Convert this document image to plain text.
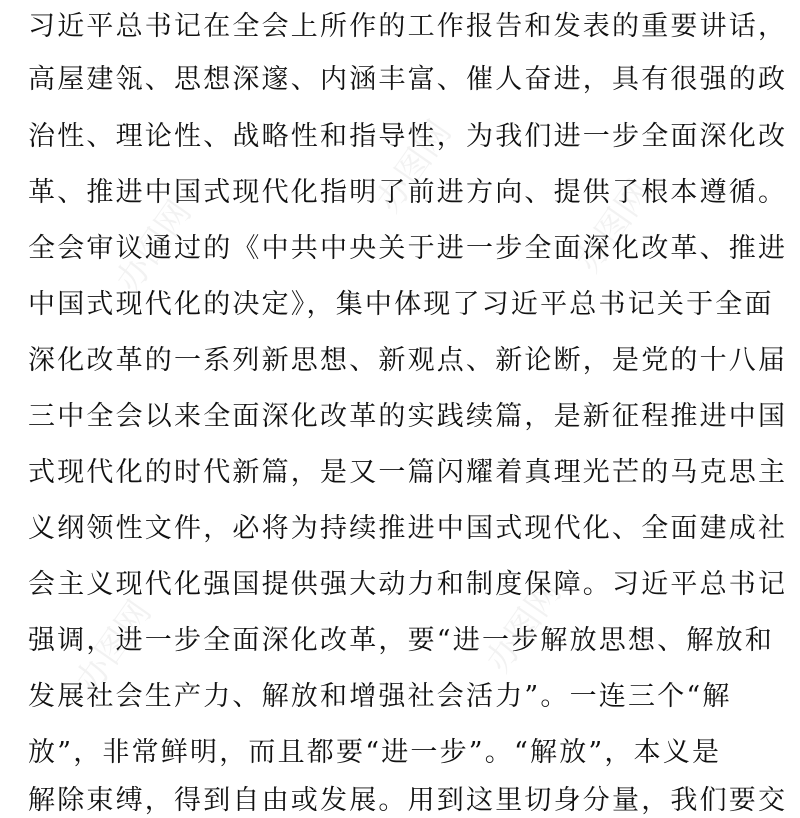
办图网
办图网
办图网
办图网	办图网
习近平总书记在全会上所作的工作报告和发表的重要讲话，
高屋建瓴、思想深邃、内涵丰富、催人奋进，具有很强的政
治性、理论性、战略性和指导性，为我们进一步全面深化改
革、推进中国式现代化指明了前进方向、提供了根本遵循。
全会审议通过的《中共中央关于进一步全面深化改革、推进
中国式现代化的决定》，集中体现了习近平总书记关于全面
深化改革的一系列新思想、新观点、新论断，是党的十八届
三中全会以来全面深化改革的实践续篇，是新征程推进中国
式现代化的时代新篇，是又一篇闪耀着真理光芒的马克思主
义纲领性文件，必将为持续推进中国式现代化、全面建成社
会主义现代化强国提供强大动力和制度保障。习近平总书记
强调，进一步全面深化改革，要“进一步解放思想、解放和
发展社会生产力、解放和增强社会活力”。一连三个“解
放”，非常鲜明，而且都要“进一步”。“解放”，本义是
解除束缚，得到自由或发展。用到这里切身分量，我们要交
